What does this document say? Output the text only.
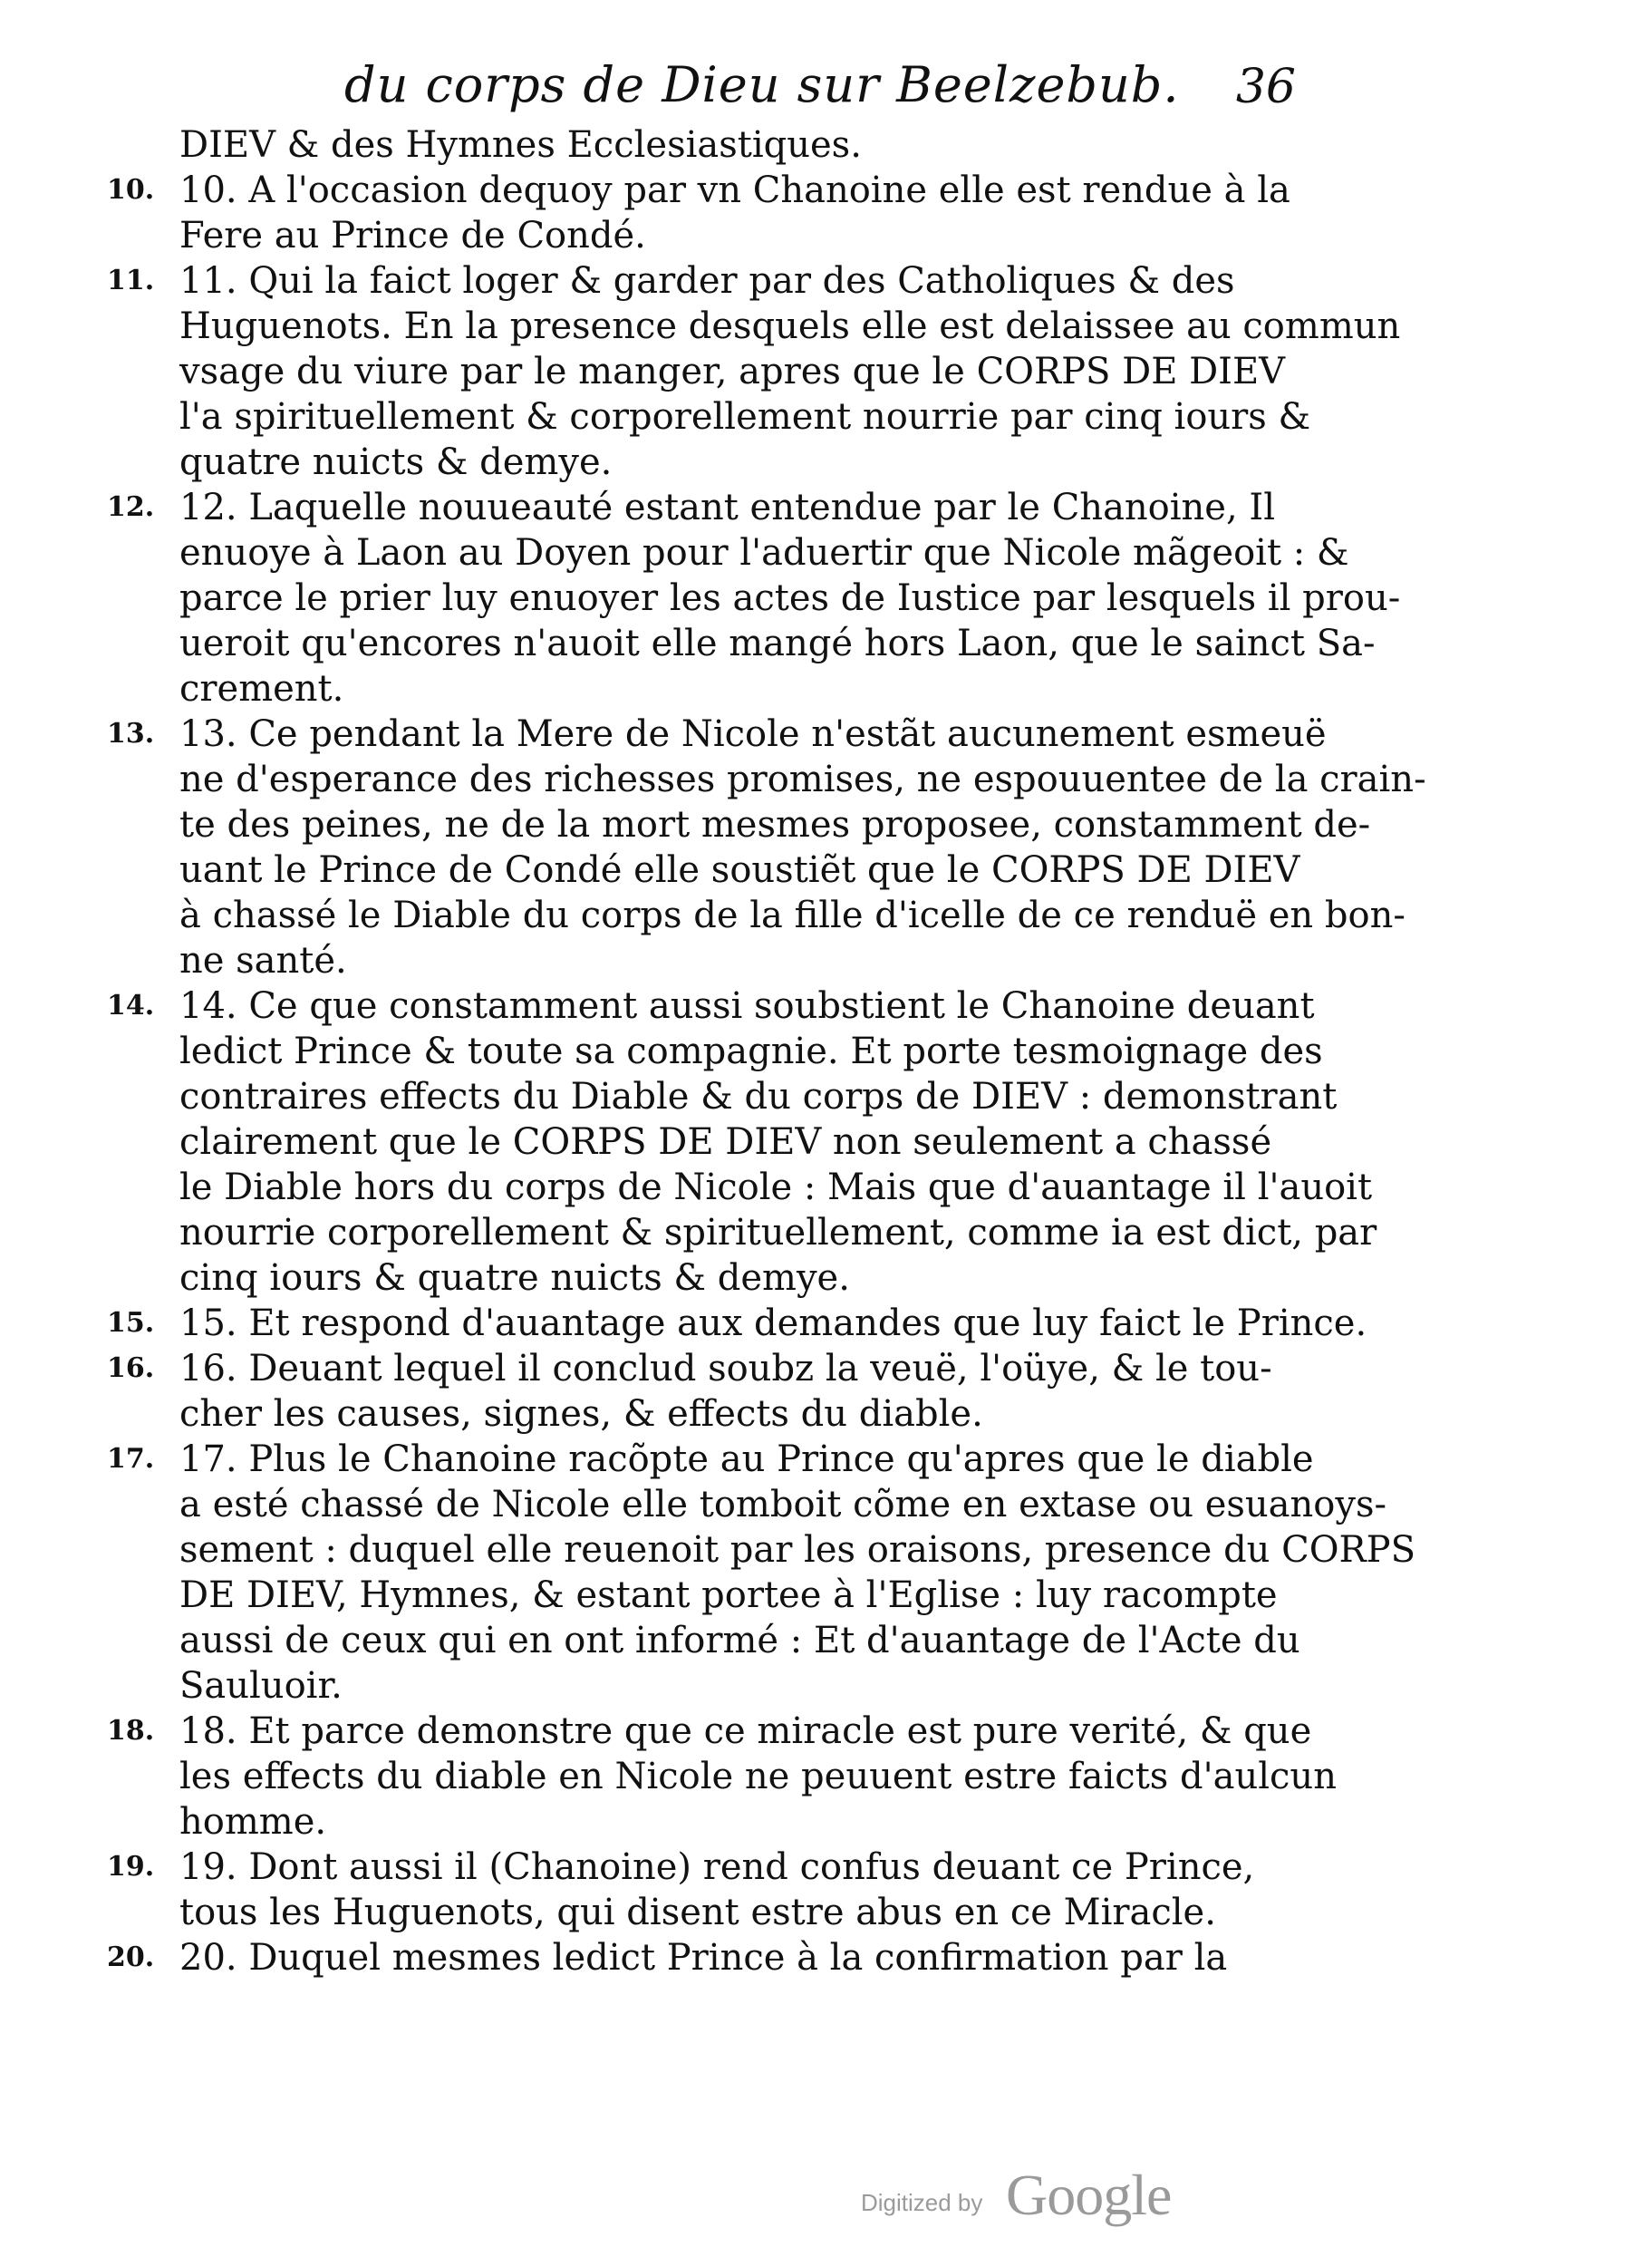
du corps de Dieu sur Beelzebub. 36
DIEV & des Hymnes Ecclesiastiques.
10. 10. A l'occasion dequoy par vn Chanoine elle est rendue à la
Fere au Prince de Condé.
11. 11. Qui la faict loger & garder par des Catholiques & des
Huguenots. En la presence desquels elle est delaissee au commun
vsage du viure par le manger, apres que le CORPS DE DIEV
l'a spirituellement & corporellement nourrie par cinq iours &
quatre nuicts & demye.
12. 12. Laquelle nouueauté estant entendue par le Chanoine, Il
enuoye à Laon au Doyen pour l'aduertir que Nicole mãgeoit : &
parce le prier luy enuoyer les actes de Iustice par lesquels il prou-
ueroit qu'encores n'auoit elle mangé hors Laon, que le sainct Sa-
crement.
13. 13. Ce pendant la Mere de Nicole n'estãt aucunement esmeuë
ne d'esperance des richesses promises, ne espouuentee de la crain-
te des peines, ne de la mort mesmes proposee, constamment de-
uant le Prince de Condé elle soustiẽt que le CORPS DE DIEV
à chassé le Diable du corps de la fille d'icelle de ce renduë en bon-
ne santé.
14. 14. Ce que constamment aussi soubstient le Chanoine deuant
ledict Prince & toute sa compagnie. Et porte tesmoignage des
contraires effects du Diable & du corps de DIEV : demonstrant
clairement que le CORPS DE DIEV non seulement a chassé
le Diable hors du corps de Nicole : Mais que d'auantage il l'auoit
nourrie corporellement & spirituellement, comme ia est dict, par
cinq iours & quatre nuicts & demye.
15. 15. Et respond d'auantage aux demandes que luy faict le Prince.
16. 16. Deuant lequel il conclud soubz la veuë, l'oüye, & le tou-
cher les causes, signes, & effects du diable.
17. 17. Plus le Chanoine racõpte au Prince qu'apres que le diable
a esté chassé de Nicole elle tomboit cõme en extase ou esuanoys-
sement : duquel elle reuenoit par les oraisons, presence du CORPS
DE DIEV, Hymnes, & estant portee à l'Eglise : luy racompte
aussi de ceux qui en ont informé : Et d'auantage de l'Acte du
Sauluoir.
18. 18. Et parce demonstre que ce miracle est pure verité, & que
les effects du diable en Nicole ne peuuent estre faicts d'aulcun
homme.
19. 19. Dont aussi il (Chanoine) rend confus deuant ce Prince,
tous les Huguenots, qui disent estre abus en ce Miracle.
20. 20. Duquel mesmes ledict Prince à la confirmation par la
Digitized by Google
